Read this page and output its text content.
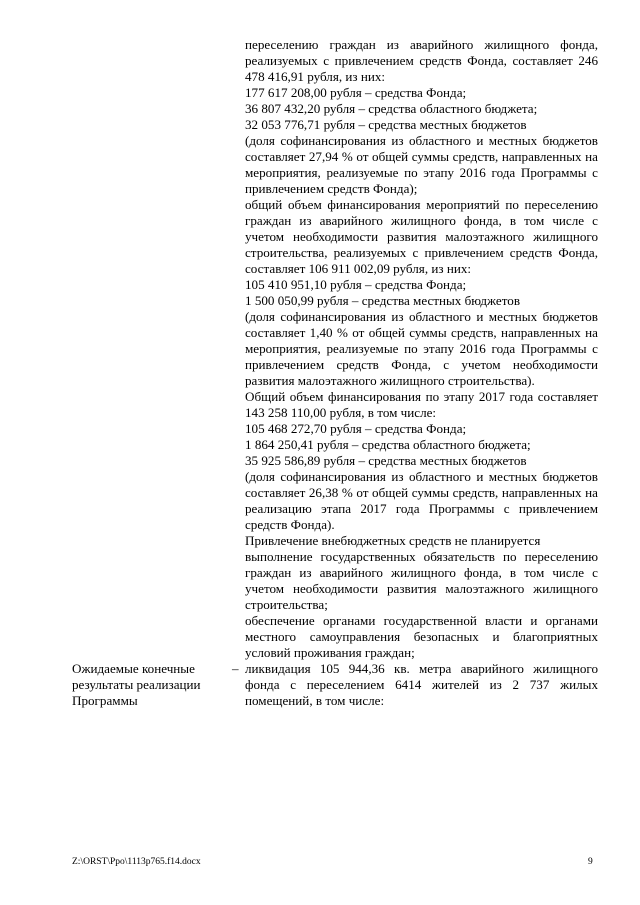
переселению граждан из аварийного жилищного фонда, реализуемых с привлечением средств Фонда, составляет 246 478 416,91 рубля, из них:

177 617 208,00 рубля – средства Фонда;

36 807 432,20 рубля – средства областного бюджета;

32 053 776,71 рубля – средства местных бюджетов

(доля софинансирования из областного и местных бюджетов составляет 27,94 % от общей суммы средств, направленных на мероприятия, реализуемые по этапу 2016 года Программы с привлечением средств Фонда);

общий объем финансирования мероприятий по переселению граждан из аварийного жилищного фонда, в том числе с учетом необходимости развития малоэтажного жилищного строительства, реализуемых с привлечением средств Фонда, составляет 106 911 002,09 рубля, из них:

105 410 951,10 рубля – средства Фонда;

1 500 050,99 рубля – средства местных бюджетов

(доля софинансирования из областного и местных бюджетов составляет 1,40 % от общей суммы средств, направленных на мероприятия, реализуемые по этапу 2016 года Программы с привлечением средств Фонда, с учетом необходимости развития малоэтажного жилищного строительства).

Общий объем финансирования по этапу 2017 года составляет 143 258 110,00 рубля, в том числе:

105 468 272,70 рубля – средства Фонда;

1 864 250,41 рубля – средства областного бюджета;

35 925 586,89 рубля – средства местных бюджетов

(доля софинансирования из областного и местных бюджетов составляет 26,38 % от общей суммы средств, направленных на реализацию этапа 2017 года Программы с привлечением средств Фонда).

Привлечение внебюджетных средств не планируется

выполнение государственных обязательств по переселению граждан из аварийного жилищного фонда, в том числе с учетом необходимости развития малоэтажного жилищного строительства;

обеспечение органами государственной власти и органами местного самоуправления безопасных и благоприятных условий проживания граждан;

ликвидация 105 944,36 кв. метра аварийного жилищного фонда с переселением 6414 жителей из 2 737 жилых помещений, в том числе:

Ожидаемые конечные результаты реализации Программы
–
Z:\ORST\Ppo\1113p765.f14.docx	9
